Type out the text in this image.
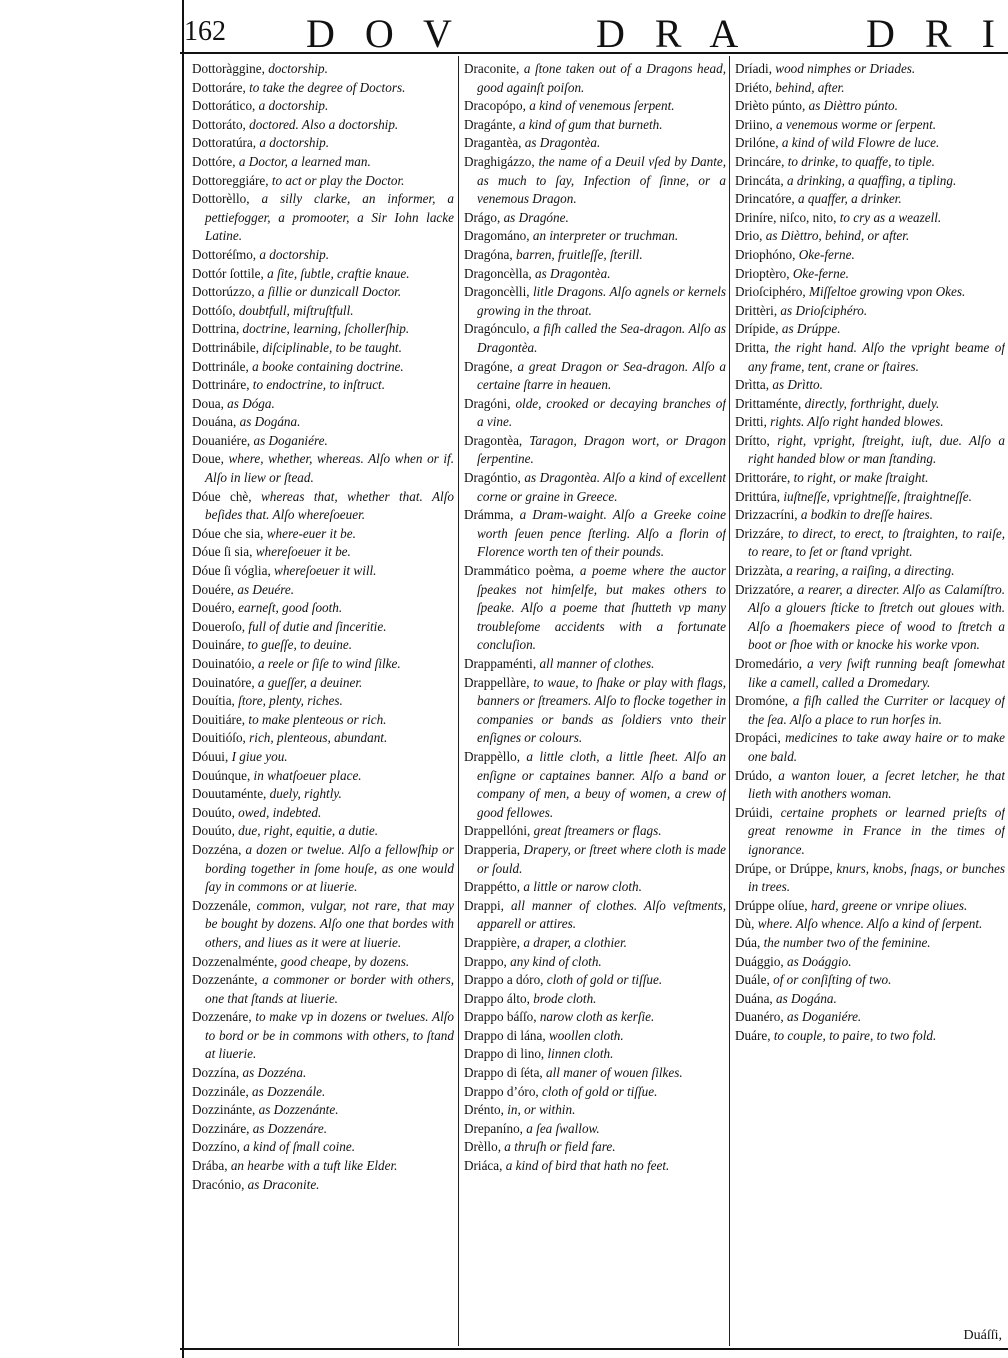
162 D O V	D R A	D R I
Dottoràggine, doctorship.
Dottoráre, to take the degree of Doctors.
Dottorático, a doctorship.
Dottoráto, doctored. Also a doctorship.
Dottoratúra, a doctorship.
Dottóre, a Doctor, a learned man.
Dottoreggiáre, to act or play the Doctor.
Dottorèllo, a silly clarke, an informer, a pettiefogger, a promooter, a Sir Iohn lacke Latine.
Dottoréſmo, a doctorship.
Dottór ſottile, a ſite, ſubtle, craftie knaue.
Dottorúzzo, a ſillie or dunzicall Doctor.
Dottóſo, doubtfull, miſtruſtfull.
Dottrina, doctrine, learning, ſchollerſhip.
Dottrinábile, diſciplinable, to be taught.
Dottrinále, a booke containing doctrine.
Dottrináre, to endoctrine, to inſtruct.
Doua, as Dóga.
Douána, as Dogána.
Douaniére, as Doganiére.
Doue, where, whether, whereas. Alſo when or if. Alſo in liew or ſtead.
Dóue chè, whereas that, whether that. Alſo beſides that. Alſo whereſoeuer.
Dóue che sia, where-euer it be.
Dóue ſi sia, whereſoeuer it be.
Dóue ſi vóglia, whereſoeuer it will.
Douére, as Deuére.
Douéro, earneſt, good ſooth.
Doueroſo, full of dutie and ſinceritie.
Douináre, to gueſſe, to deuine.
Douinatóio, a reele or ſiſe to wind ſilke.
Douinatóre, a gueſſer, a deuiner.
Douítia, ſtore, plenty, riches.
Douitiáre, to make plenteous or rich.
Douitióſo, rich, plenteous, abundant.
Dóuui, I giue you.
Douúnque, in whatſoeuer place.
Douutaménte, duely, rightly.
Douúto, owed, indebted.
Douúto, due, right, equitie, a dutie.
Dozzéna, a dozen or twelue. Alſo a fellowſhip or bording together in ſome houſe, as one would ſay in commons or at liuerie.
Dozzenále, common, vulgar, not rare, that may be bought by dozens. Alſo one that bordes with others, and liues as it were at liuerie.
Dozzenalménte, good cheape, by dozens.
Dozzenánte, a commoner or border with others, one that ſtands at liuerie.
Dozzenáre, to make vp in dozens or twelues. Alſo to bord or be in commons with others, to ſtand at liuerie.
Dozzína, as Dozzéna.
Dozzinále, as Dozzenále.
Dozzinánte, as Dozzenánte.
Dozzináre, as Dozzenáre.
Dozzíno, a kind of ſmall coine.
Drába, an hearbe with a tuft like Elder.
Dracónio, as Draconite.
Draconite, a ſtone taken out of a Dragons head, good againſt poiſon.
Dracopópo, a kind of venemous ſerpent.
Dragánte, a kind of gum that burneth.
Dragantèa, as Dragontèa.
Draghigázzo, the name of a Deuil vſed by Dante, as much to ſay, Infection of ſinne, or a venemous Dragon.
Drágo, as Dragóne.
Dragománo, an interpreter or truchman.
Dragóna, barren, fruitleſſe, ſterill.
Dragoncèlla, as Dragontèa.
Dragoncèlli, litle Dragons. Alſo agnels or kernels growing in the throat.
Dragónculo, a fiſh called the Sea-dragon. Alſo as Dragontèa.
Dragóne, a great Dragon or Sea-dragon. Alſo a certaine ſtarre in heauen.
Dragóni, olde, crooked or decaying branches of a vine.
Dragontèa, Taragon, Dragon wort, or Dragon ſerpentine.
Dragóntio, as Dragontèa. Alſo a kind of excellent corne or graine in Greece.
Drámma, a Dram-waight. Alſo a Greeke coine worth ſeuen pence ſterling. Alſo a florin of Florence worth ten of their pounds.
Drammático poèma, a poeme where the auctor ſpeakes not himſelfe, but makes others to ſpeake. Alſo a poeme that ſhutteth vp many troubleſome accidents with a fortunate concluſion.
Drappaménti, all manner of clothes.
Drappellàre, to waue, to ſhake or play with flags, banners or ſtreamers. Alſo to flocke together in companies or bands as ſoldiers vnto their enſignes or colours.
Drappèllo, a little cloth, a little ſheet. Alſo an enſigne or captaines banner. Alſo a band or company of men, a beuy of women, a crew of good fellowes.
Drappellóni, great ſtreamers or flags.
Drapperia, Drapery, or ſtreet where cloth is made or ſould.
Drappétto, a little or narow cloth.
Drappi, all manner of clothes. Alſo veſtments, apparell or attires.
Drappière, a draper, a clothier.
Drappo, any kind of cloth.
Drappo a dóro, cloth of gold or tiſſue.
Drappo álto, brode cloth.
Drappo báſſo, narow cloth as kerſie.
Drappo di lána, woollen cloth.
Drappo di lino, linnen cloth.
Drappo di ſéta, all maner of wouen ſilkes.
Drappo d’óro, cloth of gold or tiſſue.
Drénto, in, or within.
Drepaníno, a ſea ſwallow.
Drèllo, a thruſh or field fare.
Driáca, a kind of bird that hath no feet.
Dríadi, wood nimphes or Driades.
Driéto, behind, after.
Drièto púnto, as Dièttro púnto.
Driino, a venemous worme or ſerpent.
Drilóne, a kind of wild Flowre de luce.
Drincáre, to drinke, to quaffe, to tiple.
Drincáta, a drinking, a quaffing, a tipling.
Drincatóre, a quaffer, a drinker.
Driníre, niſco, nito, to cry as a weazell.
Drio, as Dièttro, behind, or after.
Driophóno, Oke-ferne.
Drioptèro, Oke-ferne.
Drioſciphéro, Miſſeltoe growing vpon Okes.
Drittèri, as Drioſciphéro.
Drípide, as Drúppe.
Dritta, the right hand. Alſo the vpright beame of any frame, tent, crane or ſtaires.
Drìtta, as Drìtto.
Drittaménte, directly, forthright, duely.
Dritti, rights. Alſo right handed blowes.
Drítto, right, vpright, ſtreight, iuſt, due. Alſo a right handed blow or man ſtanding.
Drittoráre, to right, or make ſtraight.
Drittúra, iuſtneſſe, vprightneſſe, ſtraightneſſe.
Drizzacríni, a bodkin to dreſſe haires.
Drizzáre, to direct, to erect, to ſtraighten, to raiſe, to reare, to ſet or ſtand vpright.
Drizzàta, a rearing, a raiſing, a directing.
Drizzatóre, a rearer, a directer. Alſo as Calamíſtro. Alſo a glouers ſticke to ſtretch out gloues with. Alſo a ſhoemakers piece of wood to ſtretch a boot or ſhoe with or knocke his worke vpon.
Dromedário, a very ſwift running beaſt ſomewhat like a camell, called a Dromedary.
Dromóne, a fiſh called the Curriter or lacquey of the ſea. Alſo a place to run horſes in.
Dropáci, medicines to take away haire or to make one bald.
Drúdo, a wanton louer, a ſecret letcher, he that lieth with anothers woman.
Drúidi, certaine prophets or learned prieſts of great renowme in France in the times of ignorance.
Drúpe, or Drúppe, knurs, knobs, ſnags, or bunches in trees.
Drúppe olíue, hard, greene or vnripe oliues.
Dù, where. Alſo whence. Alſo a kind of ſerpent.
Dúa, the number two of the feminine.
Duággio, as Doággio.
Duále, of or conſiſting of two.
Duána, as Dogána.
Duanéro, as Doganiére.
Duáre, to couple, to paire, to two fold.
Duáſſi,
